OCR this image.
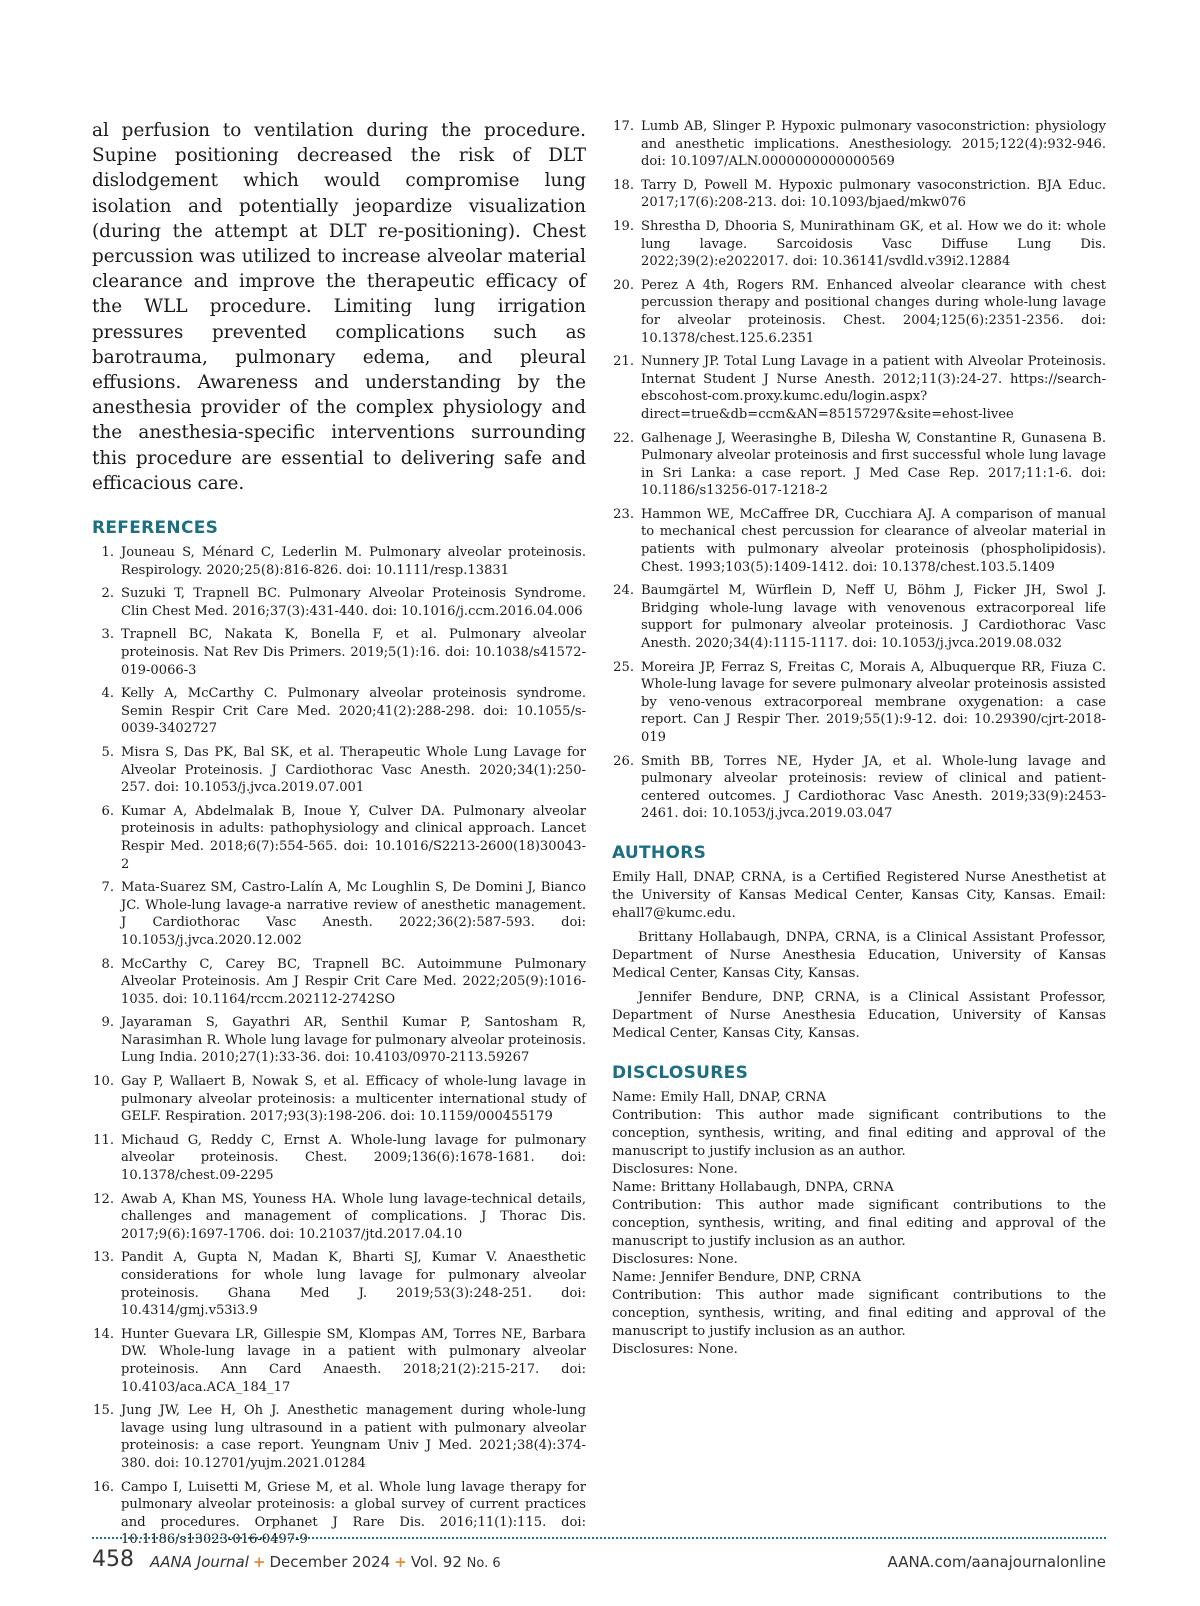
al perfusion to ventilation during the procedure. Supine positioning decreased the risk of DLT dislodgement which would compromise lung isolation and potentially jeopardize visualization (during the attempt at DLT re-positioning). Chest percussion was utilized to increase alveolar material clearance and improve the therapeutic efficacy of the WLL procedure. Limiting lung irrigation pressures prevented complications such as barotrauma, pulmonary edema, and pleural effusions. Awareness and understanding by the anesthesia provider of the complex physiology and the anesthesia-specific interventions surrounding this procedure are essential to delivering safe and efficacious care.

REFERENCES
1. Jouneau S, Ménard C, Lederlin M. Pulmonary alveolar proteinosis. Respirology. 2020;25(8):816-826. doi: 10.1111/resp.13831
2. Suzuki T, Trapnell BC. Pulmonary Alveolar Proteinosis Syndrome. Clin Chest Med. 2016;37(3):431-440. doi: 10.1016/j.ccm.2016.04.006
3. Trapnell BC, Nakata K, Bonella F, et al. Pulmonary alveolar proteinosis. Nat Rev Dis Primers. 2019;5(1):16. doi: 10.1038/s41572-019-0066-3
4. Kelly A, McCarthy C. Pulmonary alveolar proteinosis syndrome. Semin Respir Crit Care Med. 2020;41(2):288-298. doi: 10.1055/s-0039-3402727
5. Misra S, Das PK, Bal SK, et al. Therapeutic Whole Lung Lavage for Alveolar Proteinosis. J Cardiothorac Vasc Anesth. 2020;34(1):250-257. doi: 10.1053/j.jvca.2019.07.001
6. Kumar A, Abdelmalak B, Inoue Y, Culver DA. Pulmonary alveolar proteinosis in adults: pathophysiology and clinical approach. Lancet Respir Med. 2018;6(7):554-565. doi: 10.1016/S2213-2600(18)30043-2
7. Mata-Suarez SM, Castro-Lalín A, Mc Loughlin S, De Domini J, Bianco JC. Whole-lung lavage-a narrative review of anesthetic management. J Cardiothorac Vasc Anesth. 2022;36(2):587-593. doi: 10.1053/j.jvca.2020.12.002
8. McCarthy C, Carey BC, Trapnell BC. Autoimmune Pulmonary Alveolar Proteinosis. Am J Respir Crit Care Med. 2022;205(9):1016-1035. doi: 10.1164/rccm.202112-2742SO
9. Jayaraman S, Gayathri AR, Senthil Kumar P, Santosham R, Narasimhan R. Whole lung lavage for pulmonary alveolar proteinosis. Lung India. 2010;27(1):33-36. doi: 10.4103/0970-2113.59267
10. Gay P, Wallaert B, Nowak S, et al. Efficacy of whole-lung lavage in pulmonary alveolar proteinosis: a multicenter international study of GELF. Respiration. 2017;93(3):198-206. doi: 10.1159/000455179
11. Michaud G, Reddy C, Ernst A. Whole-lung lavage for pulmonary alveolar proteinosis. Chest. 2009;136(6):1678-1681. doi: 10.1378/chest.09-2295
12. Awab A, Khan MS, Youness HA. Whole lung lavage-technical details, challenges and management of complications. J Thorac Dis. 2017;9(6):1697-1706. doi: 10.21037/jtd.2017.04.10
13. Pandit A, Gupta N, Madan K, Bharti SJ, Kumar V. Anaesthetic considerations for whole lung lavage for pulmonary alveolar proteinosis. Ghana Med J. 2019;53(3):248-251. doi: 10.4314/gmj.v53i3.9
14. Hunter Guevara LR, Gillespie SM, Klompas AM, Torres NE, Barbara DW. Whole-lung lavage in a patient with pulmonary alveolar proteinosis. Ann Card Anaesth. 2018;21(2):215-217. doi: 10.4103/aca.ACA_184_17
15. Jung JW, Lee H, Oh J. Anesthetic management during whole-lung lavage using lung ultrasound in a patient with pulmonary alveolar proteinosis: a case report. Yeungnam Univ J Med. 2021;38(4):374-380. doi: 10.12701/yujm.2021.01284
16. Campo I, Luisetti M, Griese M, et al. Whole lung lavage therapy for pulmonary alveolar proteinosis: a global survey of current practices and procedures. Orphanet J Rare Dis. 2016;11(1):115. doi: 10.1186/s13023-016-0497-9
17. Lumb AB, Slinger P. Hypoxic pulmonary vasoconstriction: physiology and anesthetic implications. Anesthesiology. 2015;122(4):932-946. doi: 10.1097/ALN.0000000000000569
18. Tarry D, Powell M. Hypoxic pulmonary vasoconstriction. BJA Educ. 2017;17(6):208-213. doi: 10.1093/bjaed/mkw076
19. Shrestha D, Dhooria S, Munirathinam GK, et al. How we do it: whole lung lavage. Sarcoidosis Vasc Diffuse Lung Dis. 2022;39(2):e2022017. doi: 10.36141/svdld.v39i2.12884
20. Perez A 4th, Rogers RM. Enhanced alveolar clearance with chest percussion therapy and positional changes during whole-lung lavage for alveolar proteinosis. Chest. 2004;125(6):2351-2356. doi: 10.1378/chest.125.6.2351
21. Nunnery JP. Total Lung Lavage in a patient with Alveolar Proteinosis. Internat Student J Nurse Anesth. 2012;11(3):24-27. https://search-ebscohost-com.proxy.kumc.edu/login.aspx?direct=true&db=ccm&AN=85157297&site=ehost-livee
22. Galhenage J, Weerasinghe B, Dilesha W, Constantine R, Gunasena B. Pulmonary alveolar proteinosis and first successful whole lung lavage in Sri Lanka: a case report. J Med Case Rep. 2017;11:1-6. doi: 10.1186/s13256-017-1218-2
23. Hammon WE, McCaffree DR, Cucchiara AJ. A comparison of manual to mechanical chest percussion for clearance of alveolar material in patients with pulmonary alveolar proteinosis (phospholipidosis). Chest. 1993;103(5):1409-1412. doi: 10.1378/chest.103.5.1409
24. Baumgärtel M, Würflein D, Neff U, Böhm J, Ficker JH, Swol J. Bridging whole-lung lavage with venovenous extracorporeal life support for pulmonary alveolar proteinosis. J Cardiothorac Vasc Anesth. 2020;34(4):1115-1117. doi: 10.1053/j.jvca.2019.08.032
25. Moreira JP, Ferraz S, Freitas C, Morais A, Albuquerque RR, Fiuza C. Whole-lung lavage for severe pulmonary alveolar proteinosis assisted by veno-venous extracorporeal membrane oxygenation: a case report. Can J Respir Ther. 2019;55(1):9-12. doi: 10.29390/cjrt-2018-019
26. Smith BB, Torres NE, Hyder JA, et al. Whole-lung lavage and pulmonary alveolar proteinosis: review of clinical and patient-centered outcomes. J Cardiothorac Vasc Anesth. 2019;33(9):2453-2461. doi: 10.1053/j.jvca.2019.03.047
AUTHORS

Emily Hall, DNAP, CRNA, is a Certified Registered Nurse Anesthetist at the University of Kansas Medical Center, Kansas City, Kansas. Email: ehall7@kumc.edu.

Brittany Hollabaugh, DNPA, CRNA, is a Clinical Assistant Professor, Department of Nurse Anesthesia Education, University of Kansas Medical Center, Kansas City, Kansas.

Jennifer Bendure, DNP, CRNA, is a Clinical Assistant Professor, Department of Nurse Anesthesia Education, University of Kansas Medical Center, Kansas City, Kansas.

DISCLOSURES

Name: Emily Hall, DNAP, CRNA

Contribution: This author made significant contributions to the conception, synthesis, writing, and final editing and approval of the manuscript to justify inclusion as an author.

Disclosures: None.

Name: Brittany Hollabaugh, DNPA, CRNA

Contribution: This author made significant contributions to the conception, synthesis, writing, and final editing and approval of the manuscript to justify inclusion as an author.

Disclosures: None.

Name: Jennifer Bendure, DNP, CRNA

Contribution: This author made significant contributions to the conception, synthesis, writing, and final editing and approval of the manuscript to justify inclusion as an author.

Disclosures: None.

458 AANA Journal + December 2024 + Vol. 92 No. 6	AANA.com/aanajournalonline
